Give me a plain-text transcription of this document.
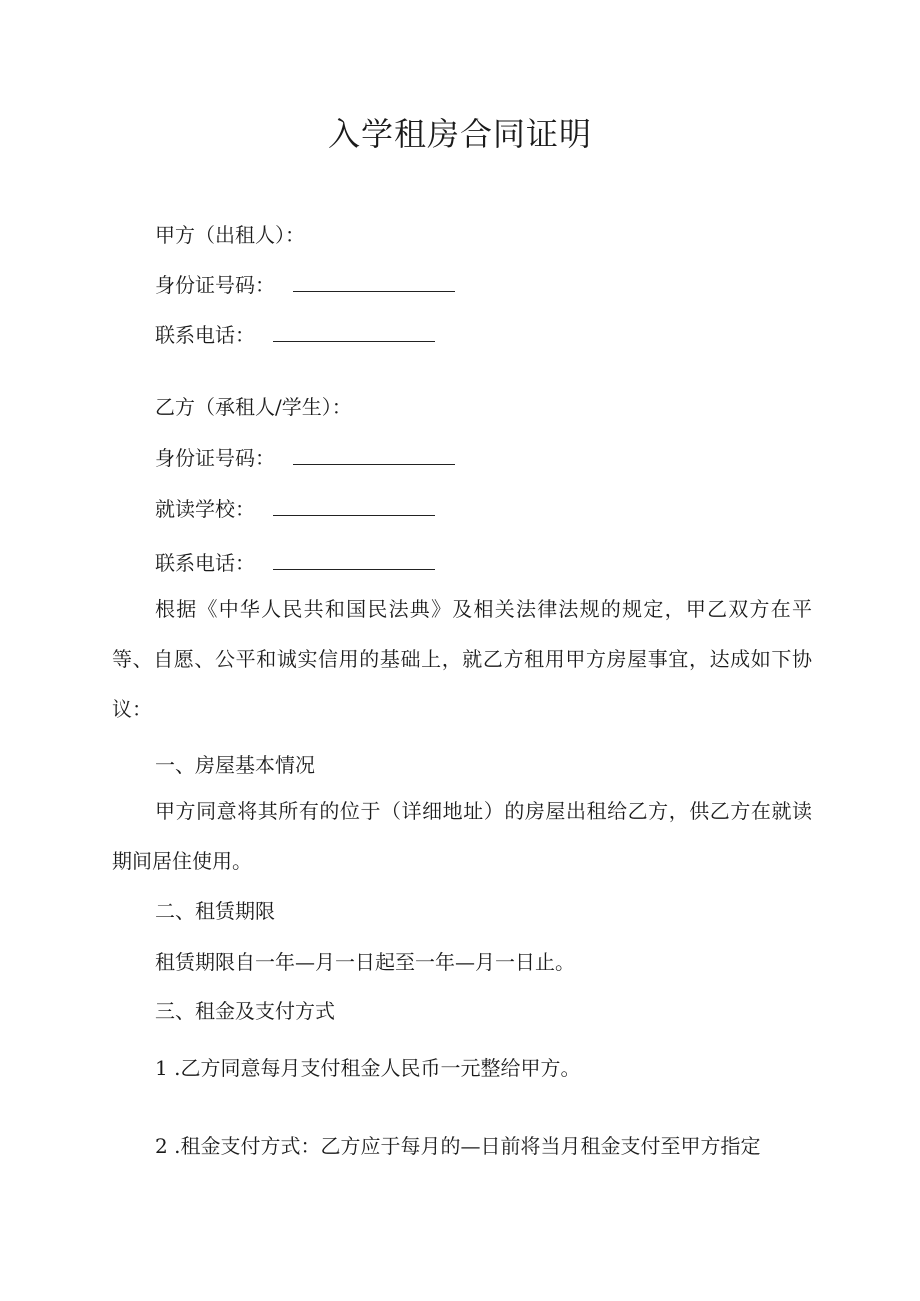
入学租房合同证明
甲方（出租人）：
身份证号码：
联系电话：
乙方（承租人/学生）：
身份证号码：
就读学校：
联系电话：

根据《中华人民共和国民法典》及相关法律法规的规定，甲乙双方在平等、自愿、公平和诚实信用的基础上，就乙方租用甲方房屋事宜，达成如下协议：

一、房屋基本情况

甲方同意将其所有的位于（详细地址）的房屋出租给乙方，供乙方在就读期间居住使用。

二、租赁期限

租赁期限自一年—月一日起至一年—月一日止。

三、租金及支付方式

1 .乙方同意每月支付租金人民币一元整给甲方。

2 .租金支付方式：乙方应于每月的—日前将当月租金支付至甲方指定
